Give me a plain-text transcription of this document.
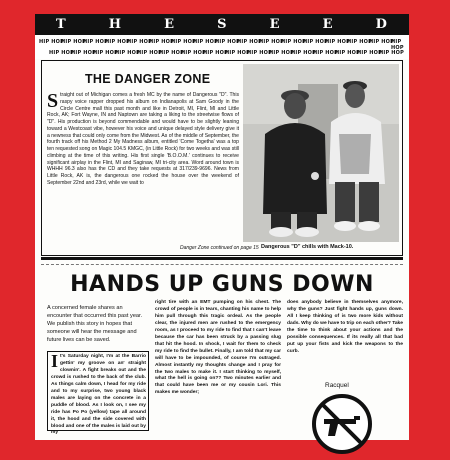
T	H	E	S	E	E	D
HIP HOP
HIP HOP
HIP HOP
HIP HOP
HIP HOP
HIP HOP
HIP HOP
HIP HOP
HIP HOP
HIP HOP
HIP HOP
HIP HOP
HIP HOP
HIP HOP
HIP HOP
HIP HOP
HIP HOP
HIP HOP
HIP HOP
HIP HOP
HIP HOP
HIP HOP
HIP HOP
HIP HOP
HIP HOP
HIP HOP
HIP HOP
HIP HOP
HIP HOP
HIP HOP
HIP HOP
HIP HOP
HIP HOP
THE DANGER ZONE
Straight out of Michigan comes a fresh MC by the name of Dangerous "D". This raspy voice rapper dropped his album on Indianapolis at Sam Goody in the Circle Centre mall this past month and like in Detroit, MI, Flint, MI and Little Rock, AK; Fort Wayne, IN and Naptown are taking a liking to the streetwise flows of "D". His production is beyond commendable and would have to be slightly leaning toward a Westcoast vibe, however his voice and unique delayed style delivery give it a newness that could only come from the Midwest. As of the middle of September, the fourth track off his Method 2 My Madness album, entitled 'Come Togetha' was a top ten requested song on Magic 104.5 KMGC, (in Little Rock) for two weeks and was still climbing at the time of this writing. His first single 'B.O.O.M.' continues to receive significant airplay in the Flint, MI and Saginaw, MI tri-city area. Word around town is WHHH 96.3 also has the CD and they take requests at 317/239-9696. News from Little Rock, AK is, the dangerous one rocked the house over the weekend of September 22nd and 23rd, while we wait to
Danger Zone continued on page 15 Dangerous "D" chills with Mack-10.
HANDS UP GUNS DOWN
A concerned female shares an encounter that occurred this past year. We publish this story in hopes that someone will hear the message and future lives can be saved.
It's Saturday night, I'm at the Barrio gettin' my groove on an' straight clownin'. A fight breaks out and the crowd is rushed to the back of the club. As things calm down, I head for my ride and to my surprise, two young black males are laying on the concrete in a puddle of blood. As I look on, I see my ride has Po Po (yellow) tape all around it, the hood and the side covered with blood and one of the males is laid out by my
right tire with an EMT pumping on his chest. The crowd of people is in tears, chanting his name to help him pull through this tragic ordeal. As the people clear, the injured men are rushed to the emergency room, as I proceed to my ride to find that I can't leave because the car has been struck by a passing slug that hit the hood. In shock, I wait for them to check my ride to find the bullet. Finally, I am told that my car will have to be impounded, of course I'm outraged. Almost instantly my thoughts change and I pray for the two males to make it. I start thinking to myself, what the hell is going on?? Two minutes earlier and that could have been me or my cousin Lori. This makes me wonder;
does anybody believe in themselves anymore, why the guns? Just fight hands up, guns down. All I keep thinking of is two more kids without dads. Why do we have to trip on each other? Take the time to think about your actions and the possible consequences. If its really all that bad put up your fists and kick the weapons to the curb.
Racquel
